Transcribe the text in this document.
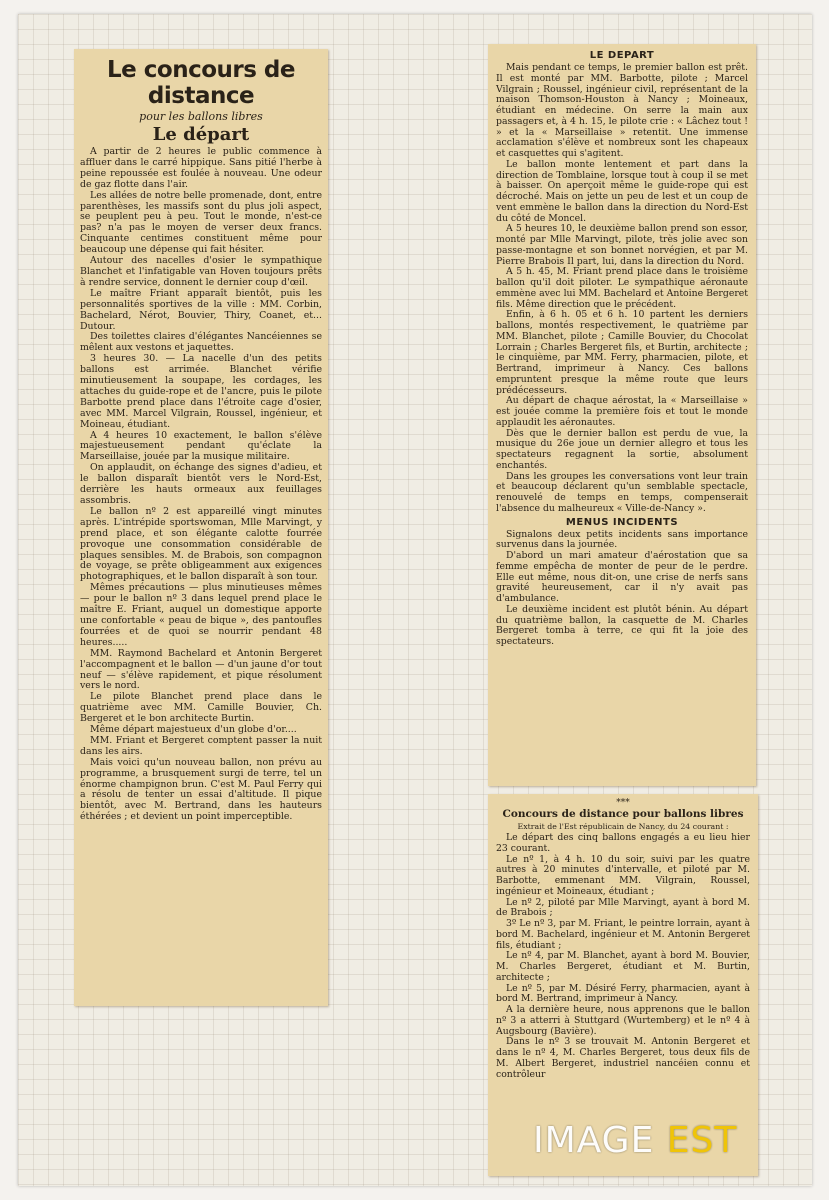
Le concours de distance
pour les ballons libres
Le départ

A partir de 2 heures le public commence à affluer dans le carré hippique. Sans pitié l'herbe à peine repoussée est foulée à nouveau. Une odeur de gaz flotte dans l'air.

Les allées de notre belle promenade, dont, entre parenthèses, les massifs sont du plus joli aspect, se peuplent peu à peu. Tout le monde, n'est-ce pas? n'a pas le moyen de verser deux francs. Cinquante centimes constituent même pour beaucoup une dépense qui fait hésiter.

Autour des nacelles d'osier le sympathique Blanchet et l'infatigable van Hoven toujours prêts à rendre service, donnent le dernier coup d'œil.

Le maître Friant apparaît bientôt, puis les personnalités sportives de la ville : MM. Corbin, Bachelard, Nérot, Bouvier, Thiry, Coanet, et... Dutour.

Des toilettes claires d'élégantes Nancéiennes se mêlent aux vestons et jaquettes.

3 heures 30. — La nacelle d'un des petits ballons est arrimée. Blanchet vérifie minutieusement la soupape, les cordages, les attaches du guide-rope et de l'ancre, puis le pilote Barbotte prend place dans l'étroite cage d'osier, avec MM. Marcel Vilgrain, Roussel, ingénieur, et Moineau, étudiant.

A 4 heures 10 exactement, le ballon s'élève majestueusement pendant qu'éclate la Marseillaise, jouée par la musique militaire.

On applaudit, on échange des signes d'adieu, et le ballon disparaît bientôt vers le Nord-Est, derrière les hauts ormeaux aux feuillages assombris.

Le ballon nº 2 est appareillé vingt minutes après. L'intrépide sportswoman, Mlle Marvingt, y prend place, et son élégante calotte fourrée provoque une consommation considérable de plaques sensibles. M. de Brabois, son compagnon de voyage, se prête obligeamment aux exigences photographiques, et le ballon disparaît à son tour.

Mêmes précautions — plus minutieuses mêmes — pour le ballon nº 3 dans lequel prend place le maître E. Friant, auquel un domestique apporte une confortable « peau de bique », des pantoufles fourrées et de quoi se nourrir pendant 48 heures.....

MM. Raymond Bachelard et Antonin Bergeret l'accompagnent et le ballon — d'un jaune d'or tout neuf — s'élève rapidement, et pique résolument vers le nord.

Le pilote Blanchet prend place dans le quatrième avec MM. Camille Bouvier, Ch. Bergeret et le bon architecte Burtin.

Même départ majestueux d'un globe d'or....

MM. Friant et Bergeret comptent passer la nuit dans les airs.

Mais voici qu'un nouveau ballon, non prévu au programme, a brusquement surgi de terre, tel un énorme champignon brun. C'est M. Paul Ferry qui a résolu de tenter un essai d'altitude. Il pique bientôt, avec M. Bertrand, dans les hauteurs éthérées ; et devient un point imperceptible.

LE DEPART

Mais pendant ce temps, le premier ballon est prêt. Il est monté par MM. Barbotte, pilote ; Marcel Vilgrain ; Roussel, ingénieur civil, représentant de la maison Thomson-Houston à Nancy ; Moineaux, étudiant en médecine. On serre la main aux passagers et, à 4 h. 15, le pilote crie : « Lâchez tout ! » et la « Marseillaise » retentit. Une immense acclamation s'élève et nombreux sont les chapeaux et casquettes qui s'agitent.

Le ballon monte lentement et part dans la direction de Tomblaine, lorsque tout à coup il se met à baisser. On aperçoit même le guide-rope qui est décroché. Mais on jette un peu de lest et un coup de vent emmène le ballon dans la direction du Nord-Est du côté de Moncel.

A 5 heures 10, le deuxième ballon prend son essor, monté par Mlle Marvingt, pilote, très jolie avec son passe-montagne et son bonnet norvégien, et par M. Pierre Brabois Il part, lui, dans la direction du Nord.

A 5 h. 45, M. Friant prend place dans le troisième ballon qu'il doit piloter. Le sympathique aéronaute emmène avec lui MM. Bachelard et Antoine Bergeret fils. Même direction que le précédent.

Enfin, à 6 h. 05 et 6 h. 10 partent les derniers ballons, montés respectivement, le quatrième par MM. Blanchet, pilote ; Camille Bouvier, du Chocolat Lorrain ; Charles Bergeret fils, et Burtin, architecte ; le cinquième, par MM. Ferry, pharmacien, pilote, et Bertrand, imprimeur à Nancy. Ces ballons empruntent presque la même route que leurs prédécesseurs.

Au départ de chaque aérostat, la « Marseillaise » est jouée comme la première fois et tout le monde applaudit les aéronautes.

Dès que le dernier ballon est perdu de vue, la musique du 26e joue un dernier allegro et tous les spectateurs regagnent la sortie, absolument enchantés.

Dans les groupes les conversations vont leur train et beaucoup déclarent qu'un semblable spectacle, renouvelé de temps en temps, compenserait l'absence du malheureux « Ville-de-Nancy ».

MENUS INCIDENTS

Signalons deux petits incidents sans importance survenus dans la journée.

D'abord un mari amateur d'aérostation que sa femme empêcha de monter de peur de le perdre. Elle eut même, nous dit-on, une crise de nerfs sans gravité heureusement, car il n'y avait pas d'ambulance.

Le deuxième incident est plutôt bénin. Au départ du quatrième ballon, la casquette de M. Charles Bergeret tomba à terre, ce qui fit la joie des spectateurs.

***
Concours de distance pour ballons libres
Extrait de l'Est républicain de Nancy, du 24 courant :

Le départ des cinq ballons engagés a eu lieu hier 23 courant.

Le nº 1, à 4 h. 10 du soir, suivi par les quatre autres à 20 minutes d'intervalle, et piloté par M. Barbotte, emmenant MM. Vilgrain, Roussel, ingénieur et Moineaux, étudiant ;

Le nº 2, piloté par Mlle Marvingt, ayant à bord M. de Brabois ;

3º Le nº 3, par M. Friant, le peintre lorrain, ayant à bord M. Bachelard, ingénieur et M. Antonin Bergeret fils, étudiant ;

Le nº 4, par M. Blanchet, ayant à bord M. Bouvier, M. Charles Bergeret, étudiant et M. Burtin, architecte ;

Le nº 5, par M. Désiré Ferry, pharmacien, ayant à bord M. Bertrand, imprimeur à Nancy.

A la dernière heure, nous apprenons que le ballon nº 3 a atterri à Stuttgard (Wurtemberg) et le nº 4 à Augsbourg (Bavière).

Dans le nº 3 se trouvait M. Antonin Bergeret et dans le nº 4, M. Charles Bergeret, tous deux fils de M. Albert Bergeret, industriel nancéien connu et contrôleur

IMAGE EST
